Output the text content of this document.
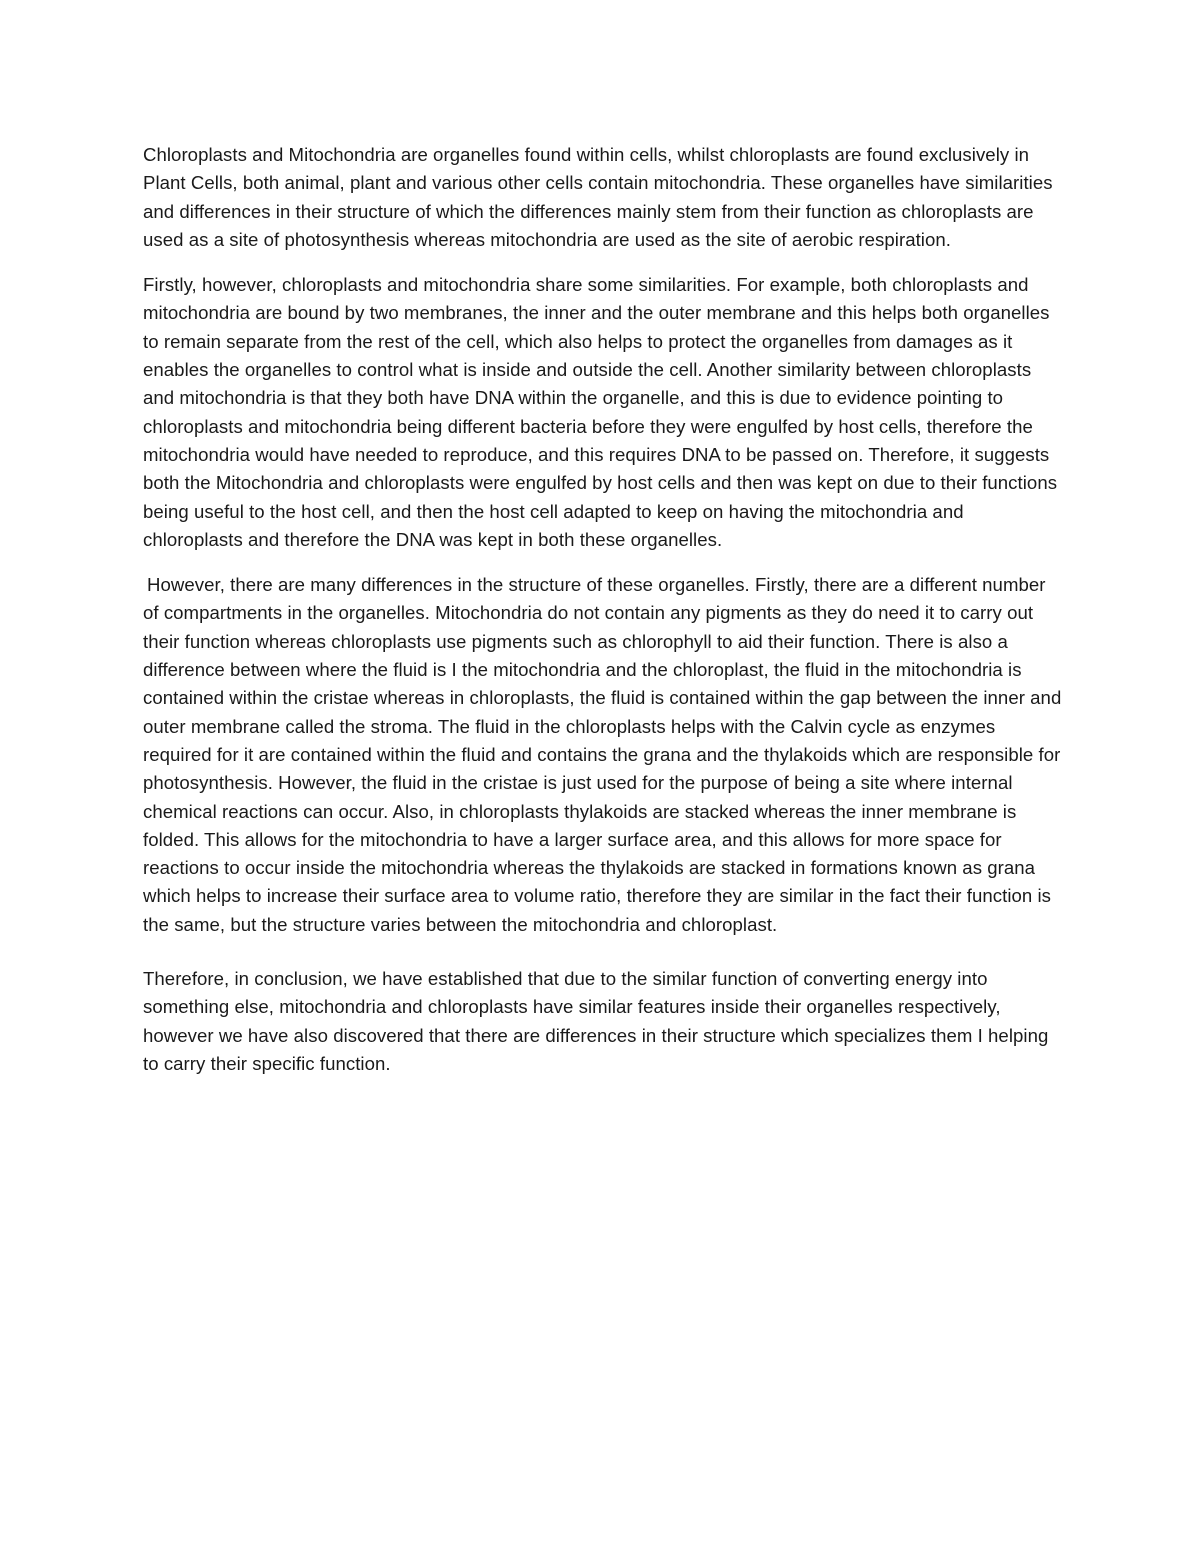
Chloroplasts and Mitochondria are organelles found within cells, whilst chloroplasts are found exclusively in Plant Cells, both animal, plant and various other cells contain mitochondria. These organelles have similarities and differences in their structure of which the differences mainly stem from their function as chloroplasts are used as a site of photosynthesis whereas mitochondria are used as the site of aerobic respiration.

Firstly, however, chloroplasts and mitochondria share some similarities. For example, both chloroplasts and mitochondria are bound by two membranes, the inner and the outer membrane and this helps both organelles to remain separate from the rest of the cell, which also helps to protect the organelles from damages as it enables the organelles to control what is inside and outside the cell. Another similarity between chloroplasts and mitochondria is that they both have DNA within the organelle, and this is due to evidence pointing to chloroplasts and mitochondria being different bacteria before they were engulfed by host cells, therefore the mitochondria would have needed to reproduce, and this requires DNA to be passed on. Therefore, it suggests both the Mitochondria and chloroplasts were engulfed by host cells and then was kept on due to their functions being useful to the host cell, and then the host cell adapted to keep on having the mitochondria and chloroplasts and therefore the DNA was kept in both these organelles.

However, there are many differences in the structure of these organelles. Firstly, there are a different number of compartments in the organelles. Mitochondria do not contain any pigments as they do need it to carry out their function whereas chloroplasts use pigments such as chlorophyll to aid their function. There is also a difference between where the fluid is I the mitochondria and the chloroplast, the fluid in the mitochondria is contained within the cristae whereas in chloroplasts, the fluid is contained within the gap between the inner and outer membrane called the stroma. The fluid in the chloroplasts helps with the Calvin cycle as enzymes required for it are contained within the fluid and contains the grana and the thylakoids which are responsible for photosynthesis. However, the fluid in the cristae is just used for the purpose of being a site where internal chemical reactions can occur. Also, in chloroplasts thylakoids are stacked whereas the inner membrane is folded. This allows for the mitochondria to have a larger surface area, and this allows for more space for reactions to occur inside the mitochondria whereas the thylakoids are stacked in formations known as grana which helps to increase their surface area to volume ratio, therefore they are similar in the fact their function is the same, but the structure varies between the mitochondria and chloroplast.

Therefore, in conclusion, we have established that due to the similar function of converting energy into something else, mitochondria and chloroplasts have similar features inside their organelles respectively, however we have also discovered that there are differences in their structure which specializes them I helping to carry their specific function.
